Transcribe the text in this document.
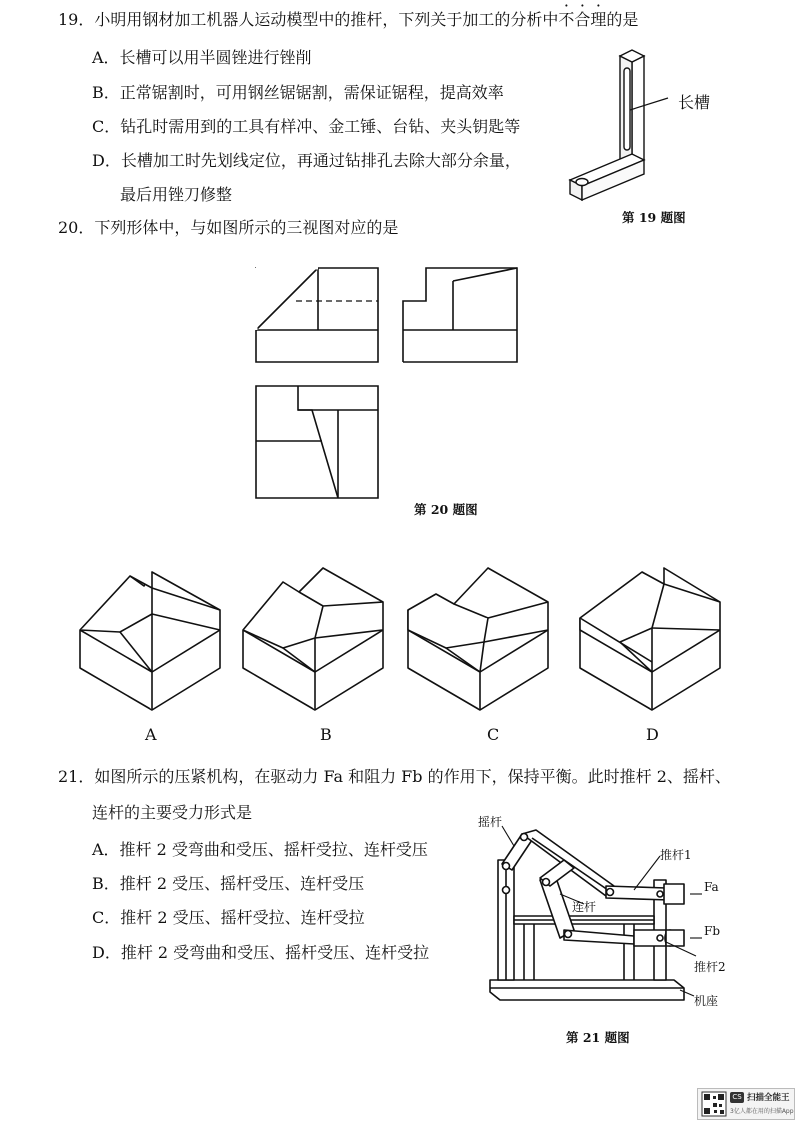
19．小明用钢材加工机器人运动模型中的推杆，下列关于加工的分析中不合理的是
A．长槽可以用半圆锉进行锉削
B．正常锯割时，可用钢丝锯锯割，需保证锯程，提高效率
C．钻孔时需用到的工具有样冲、金工锤、台钻、夹头钥匙等
D．长槽加工时先划线定位，再通过钻排孔去除大部分余量，
最后用锉刀修整
长槽
第 19 题图
20．下列形体中，与如图所示的三视图对应的是
第 20 题图
A	B	C	D
21．如图所示的压紧机构，在驱动力 Fa 和阻力 Fb 的作用下，保持平衡。此时推杆 2、摇杆、
连杆的主要受力形式是
A．推杆 2 受弯曲和受压、摇杆受拉、连杆受压
B．推杆 2 受压、摇杆受压、连杆受压
C．推杆 2 受压、摇杆受拉、连杆受拉
D．推杆 2 受弯曲和受压、摇杆受压、连杆受拉
摇杆
推杆1
Fa
Fb
连杆
推杆2
机座
第 21 题图
CS 扫描全能王
3亿人都在用的扫描App
